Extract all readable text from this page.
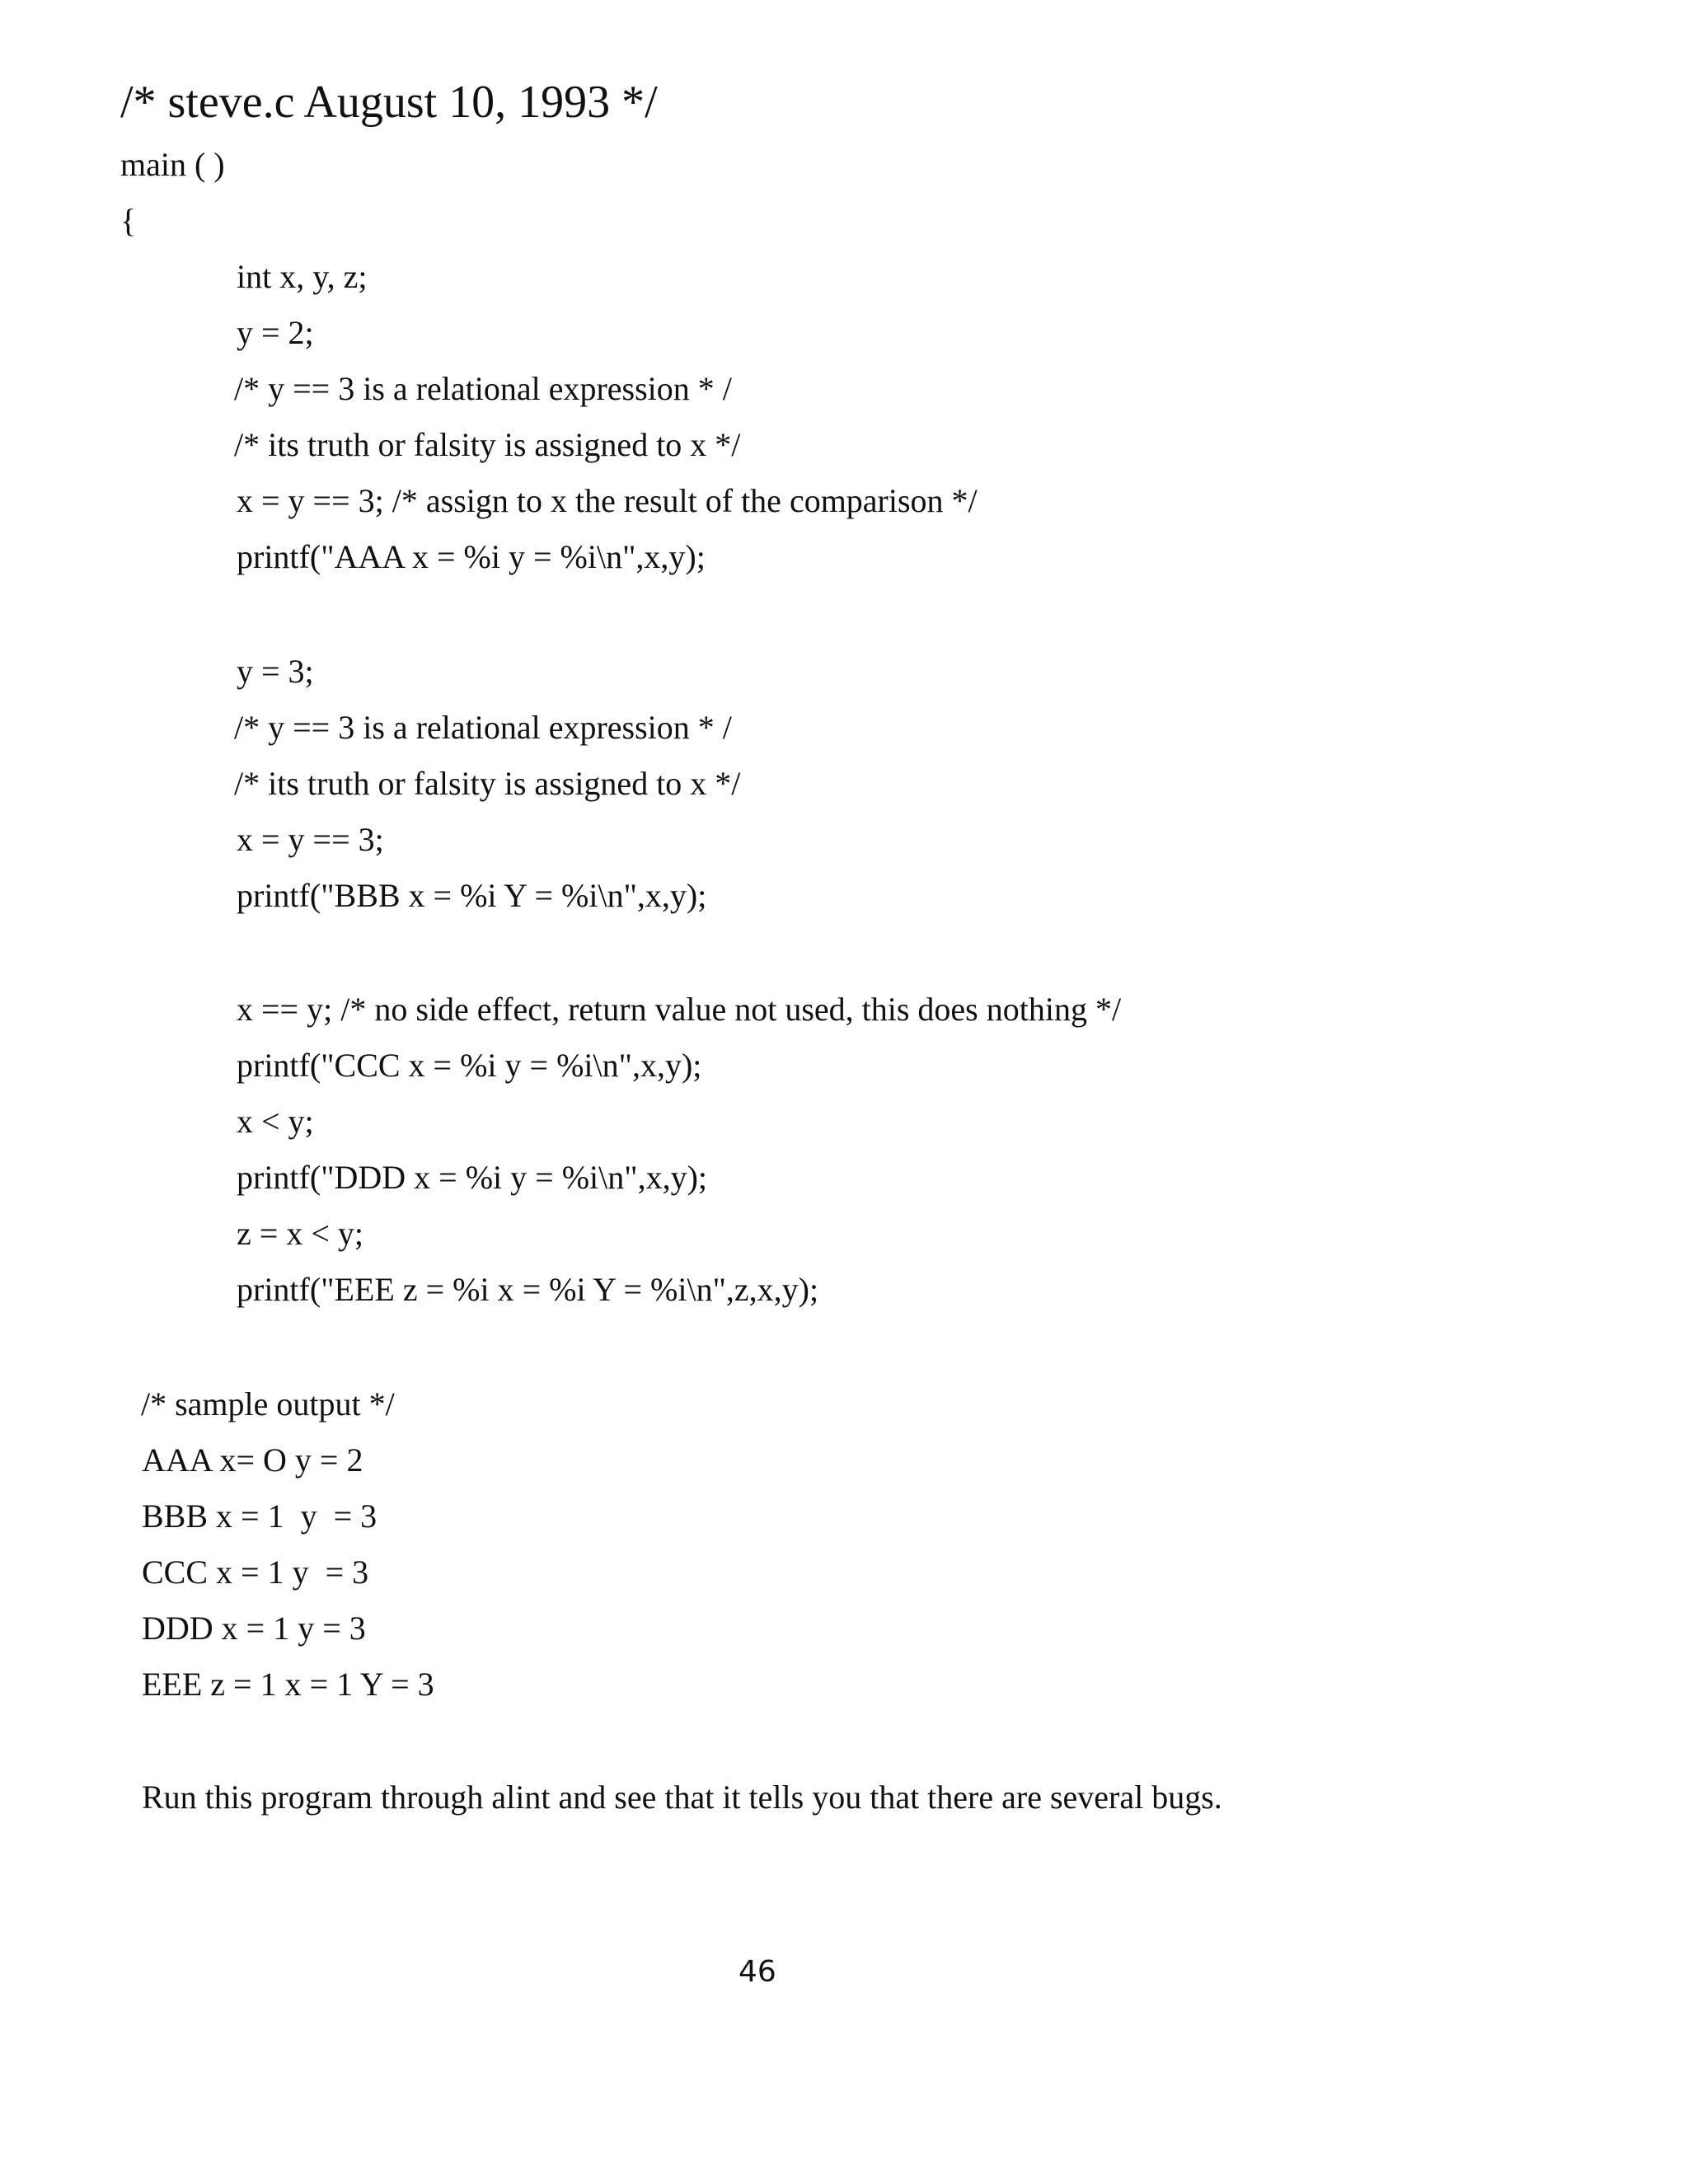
/* steve.c August 10, 1993 */
main ( )
{
int x, y, z;
y = 2;
/* y == 3 is a relational expression * /
/* its truth or falsity is assigned to x */
x = y == 3; /* assign to x the result of the comparison */
printf("AAA x = %i y = %i\n",x,y);
y = 3;
/* y == 3 is a relational expression * /
/* its truth or falsity is assigned to x */
x = y == 3;
printf("BBB x = %i Y = %i\n",x,y);
x == y; /* no side effect, return value not used, this does nothing */
printf("CCC x = %i y = %i\n",x,y);
x < y;
printf("DDD x = %i y = %i\n",x,y);
z = x < y;
printf("EEE z = %i x = %i Y = %i\n",z,x,y);
/* sample output */
AAA x= O y = 2
BBB x = 1  y  = 3
CCC x = 1 y  = 3
DDD x = 1 y = 3
EEE z = 1 x = 1 Y = 3
Run this program through alint and see that it tells you that there are several bugs.
46
